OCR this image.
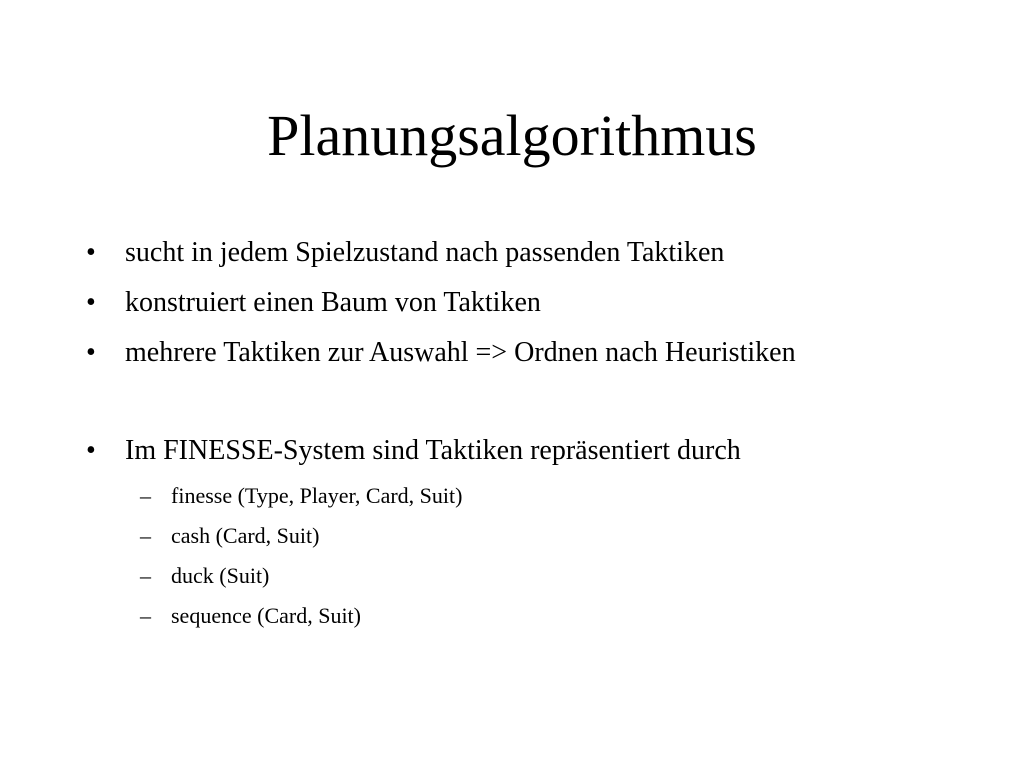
Planungsalgorithmus
• sucht in jedem Spielzustand nach passenden Taktiken
• konstruiert einen Baum von Taktiken
• mehrere Taktiken zur Auswahl => Ordnen nach Heuristiken
• Im FINESSE-System sind Taktiken repräsentiert durch
– finesse (Type, Player, Card, Suit)
– cash (Card, Suit)
– duck (Suit)
– sequence (Card, Suit)
